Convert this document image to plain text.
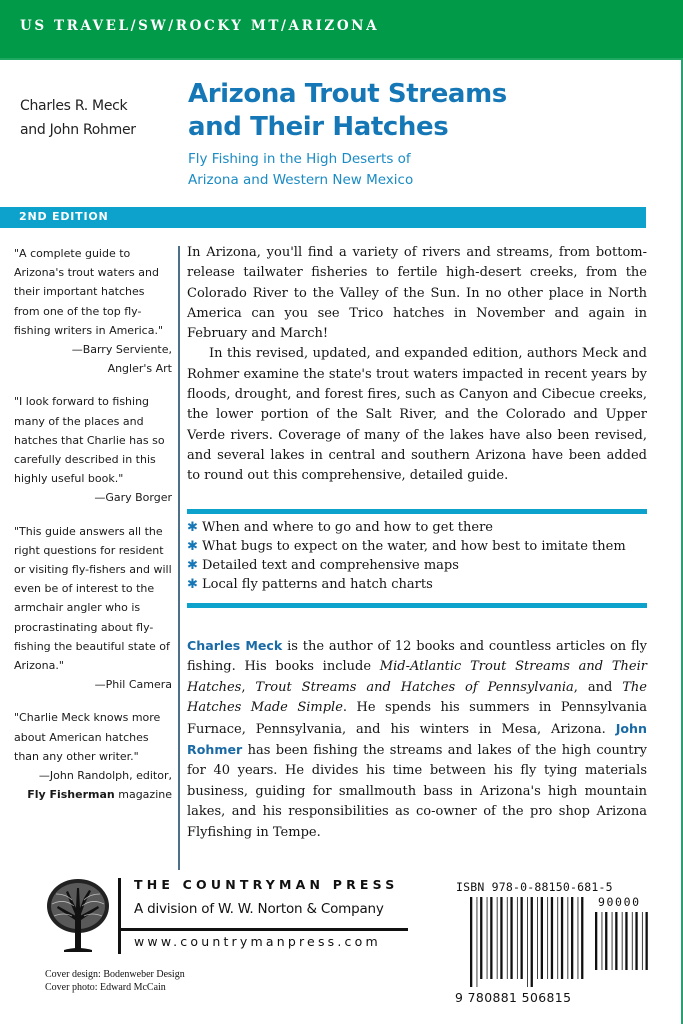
US TRAVEL/SW/ROCKY MT/ARIZONA
Charles R. Meck
and John Rohmer
Arizona Trout Streams
and Their Hatches
Fly Fishing in the High Deserts of
Arizona and Western New Mexico
2ND EDITION

"A complete guide to Arizona's trout waters and their important hatches from one of the top fly-fishing writers in America."

—Barry Serviente,

Angler's Art

"I look forward to fishing many of the places and hatches that Charlie has so carefully described in this highly useful book."

—Gary Borger

"This guide answers all the right questions for resident or visiting fly-fishers and will even be of interest to the armchair angler who is procrastinating about fly-fishing the beautiful state of Arizona."

—Phil Camera

"Charlie Meck knows more about American hatches than any other writer."

—John Randolph, editor,

Fly Fisherman magazine

In Arizona, you'll find a variety of rivers and streams, from bottom-release tailwater fisheries to fertile high-desert creeks, from the Colorado River to the Valley of the Sun. In no other place in North America can you see Trico hatches in November and again in February and March!

In this revised, updated, and expanded edition, authors Meck and Rohmer examine the state's trout waters impacted in recent years by floods, drought, and forest fires, such as Canyon and Cibecue creeks, the lower portion of the Salt River, and the Colorado and Upper Verde rivers. Coverage of many of the lakes have also been revised, and several lakes in central and southern Arizona have been added to round out this comprehensive, detailed guide.

✱ When and where to go and how to get there
✱ What bugs to expect on the water, and how best to imitate them
✱ Detailed text and comprehensive maps
✱ Local fly patterns and hatch charts

Charles Meck is the author of 12 books and countless articles on fly fishing. His books include Mid-Atlantic Trout Streams and Their Hatches, Trout Streams and Hatches of Pennsylvania, and The Hatches Made Simple. He spends his summers in Pennsylvania Furnace, Pennsylvania, and his winters in Mesa, Arizona. John Rohmer has been fishing the streams and lakes of the high country for 40 years. He divides his time between his fly tying materials business, guiding for smallmouth bass in Arizona's high mountain lakes, and his responsibilities as co-owner of the pro shop Arizona Flyfishing in Tempe.

THE COUNTRYMAN PRESS
A division of W. W. Norton & Company
www.countrymanpress.com
Cover design: Bodenweber Design
Cover photo: Edward McCain
ISBN 978-0-88150-681-5
90000
9 780881 506815
